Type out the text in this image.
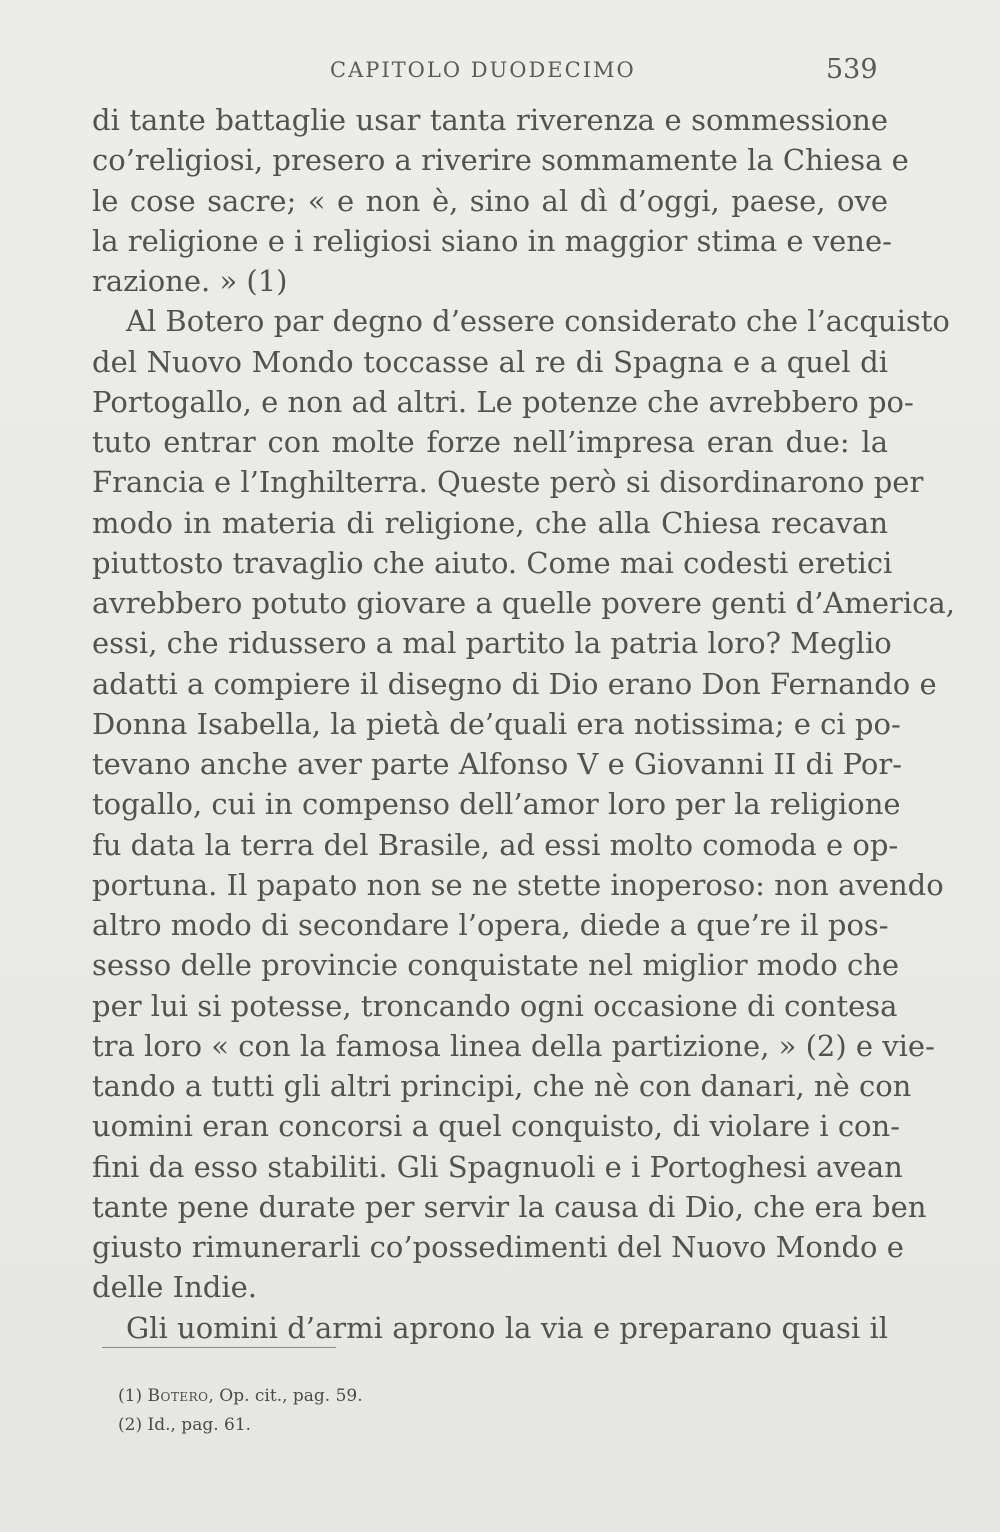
CAPITOLO DUODECIMO	539
di tante battaglie usar tanta riverenza e sommessione
co’religiosi, presero a riverire sommamente la Chiesa e
le cose sacre; « e non è, sino al dì d’oggi, paese, ove
la religione e i religiosi siano in maggior stima e vene-
razione. » (1)
Al Botero par degno d’essere considerato che l’acquisto
del Nuovo Mondo toccasse al re di Spagna e a quel di
Portogallo, e non ad altri. Le potenze che avrebbero po-
tuto entrar con molte forze nell’impresa eran due: la
Francia e l’Inghilterra. Queste però si disordinarono per
modo in materia di religione, che alla Chiesa recavan
piuttosto travaglio che aiuto. Come mai codesti eretici
avrebbero potuto giovare a quelle povere genti d’America,
essi, che ridussero a mal partito la patria loro? Meglio
adatti a compiere il disegno di Dio erano Don Fernando e
Donna Isabella, la pietà de’quali era notissima; e ci po-
tevano anche aver parte Alfonso V e Giovanni II di Por-
togallo, cui in compenso dell’amor loro per la religione
fu data la terra del Brasile, ad essi molto comoda e op-
portuna. Il papato non se ne stette inoperoso: non avendo
altro modo di secondare l’opera, diede a que’re il pos-
sesso delle provincie conquistate nel miglior modo che
per lui si potesse, troncando ogni occasione di contesa
tra loro « con la famosa linea della partizione, » (2) e vie-
tando a tutti gli altri principi, che nè con danari, nè con
uomini eran concorsi a quel conquisto, di violare i con-
fini da esso stabiliti. Gli Spagnuoli e i Portoghesi avean
tante pene durate per servir la causa di Dio, che era ben
giusto rimunerarli co’possedimenti del Nuovo Mondo e
delle Indie.
Gli uomini d’armi aprono la via e preparano quasi il
(1) Botero, Op. cit., pag. 59.
(2) Id., pag. 61.
